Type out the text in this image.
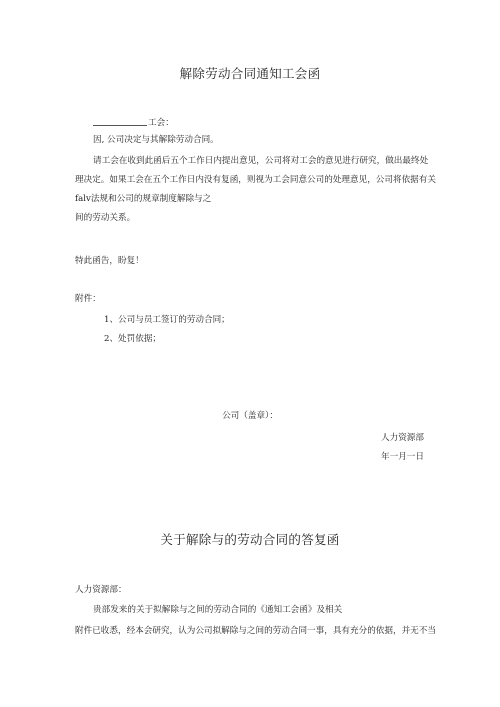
解除劳动合同通知工会函
工会：
因, 公司决定与其解除劳动合同。
请工会在收到此函后五个工作日内提出意见，公司将对工会的意见进行研究，做出最终处
理决定。如果工会在五个工作日内没有复函，则视为工会同意公司的处理意见，公司将依据有关
falv法规和公司的规章制度解除与之
间的劳动关系。
特此函告，盼复！
附件：
1、公司与员工签订的劳动合同；
2、处罚依据；
公司（盖章）：
人力资源部
年一月一日
关于解除与的劳动合同的答复函
人力资源部：
贵部发来的关于拟解除与之间的劳动合同的《通知工会函》及相关
附件已收悉，经本会研究，认为公司拟解除与之间的劳动合同一事，具有充分的依据，并无不当
